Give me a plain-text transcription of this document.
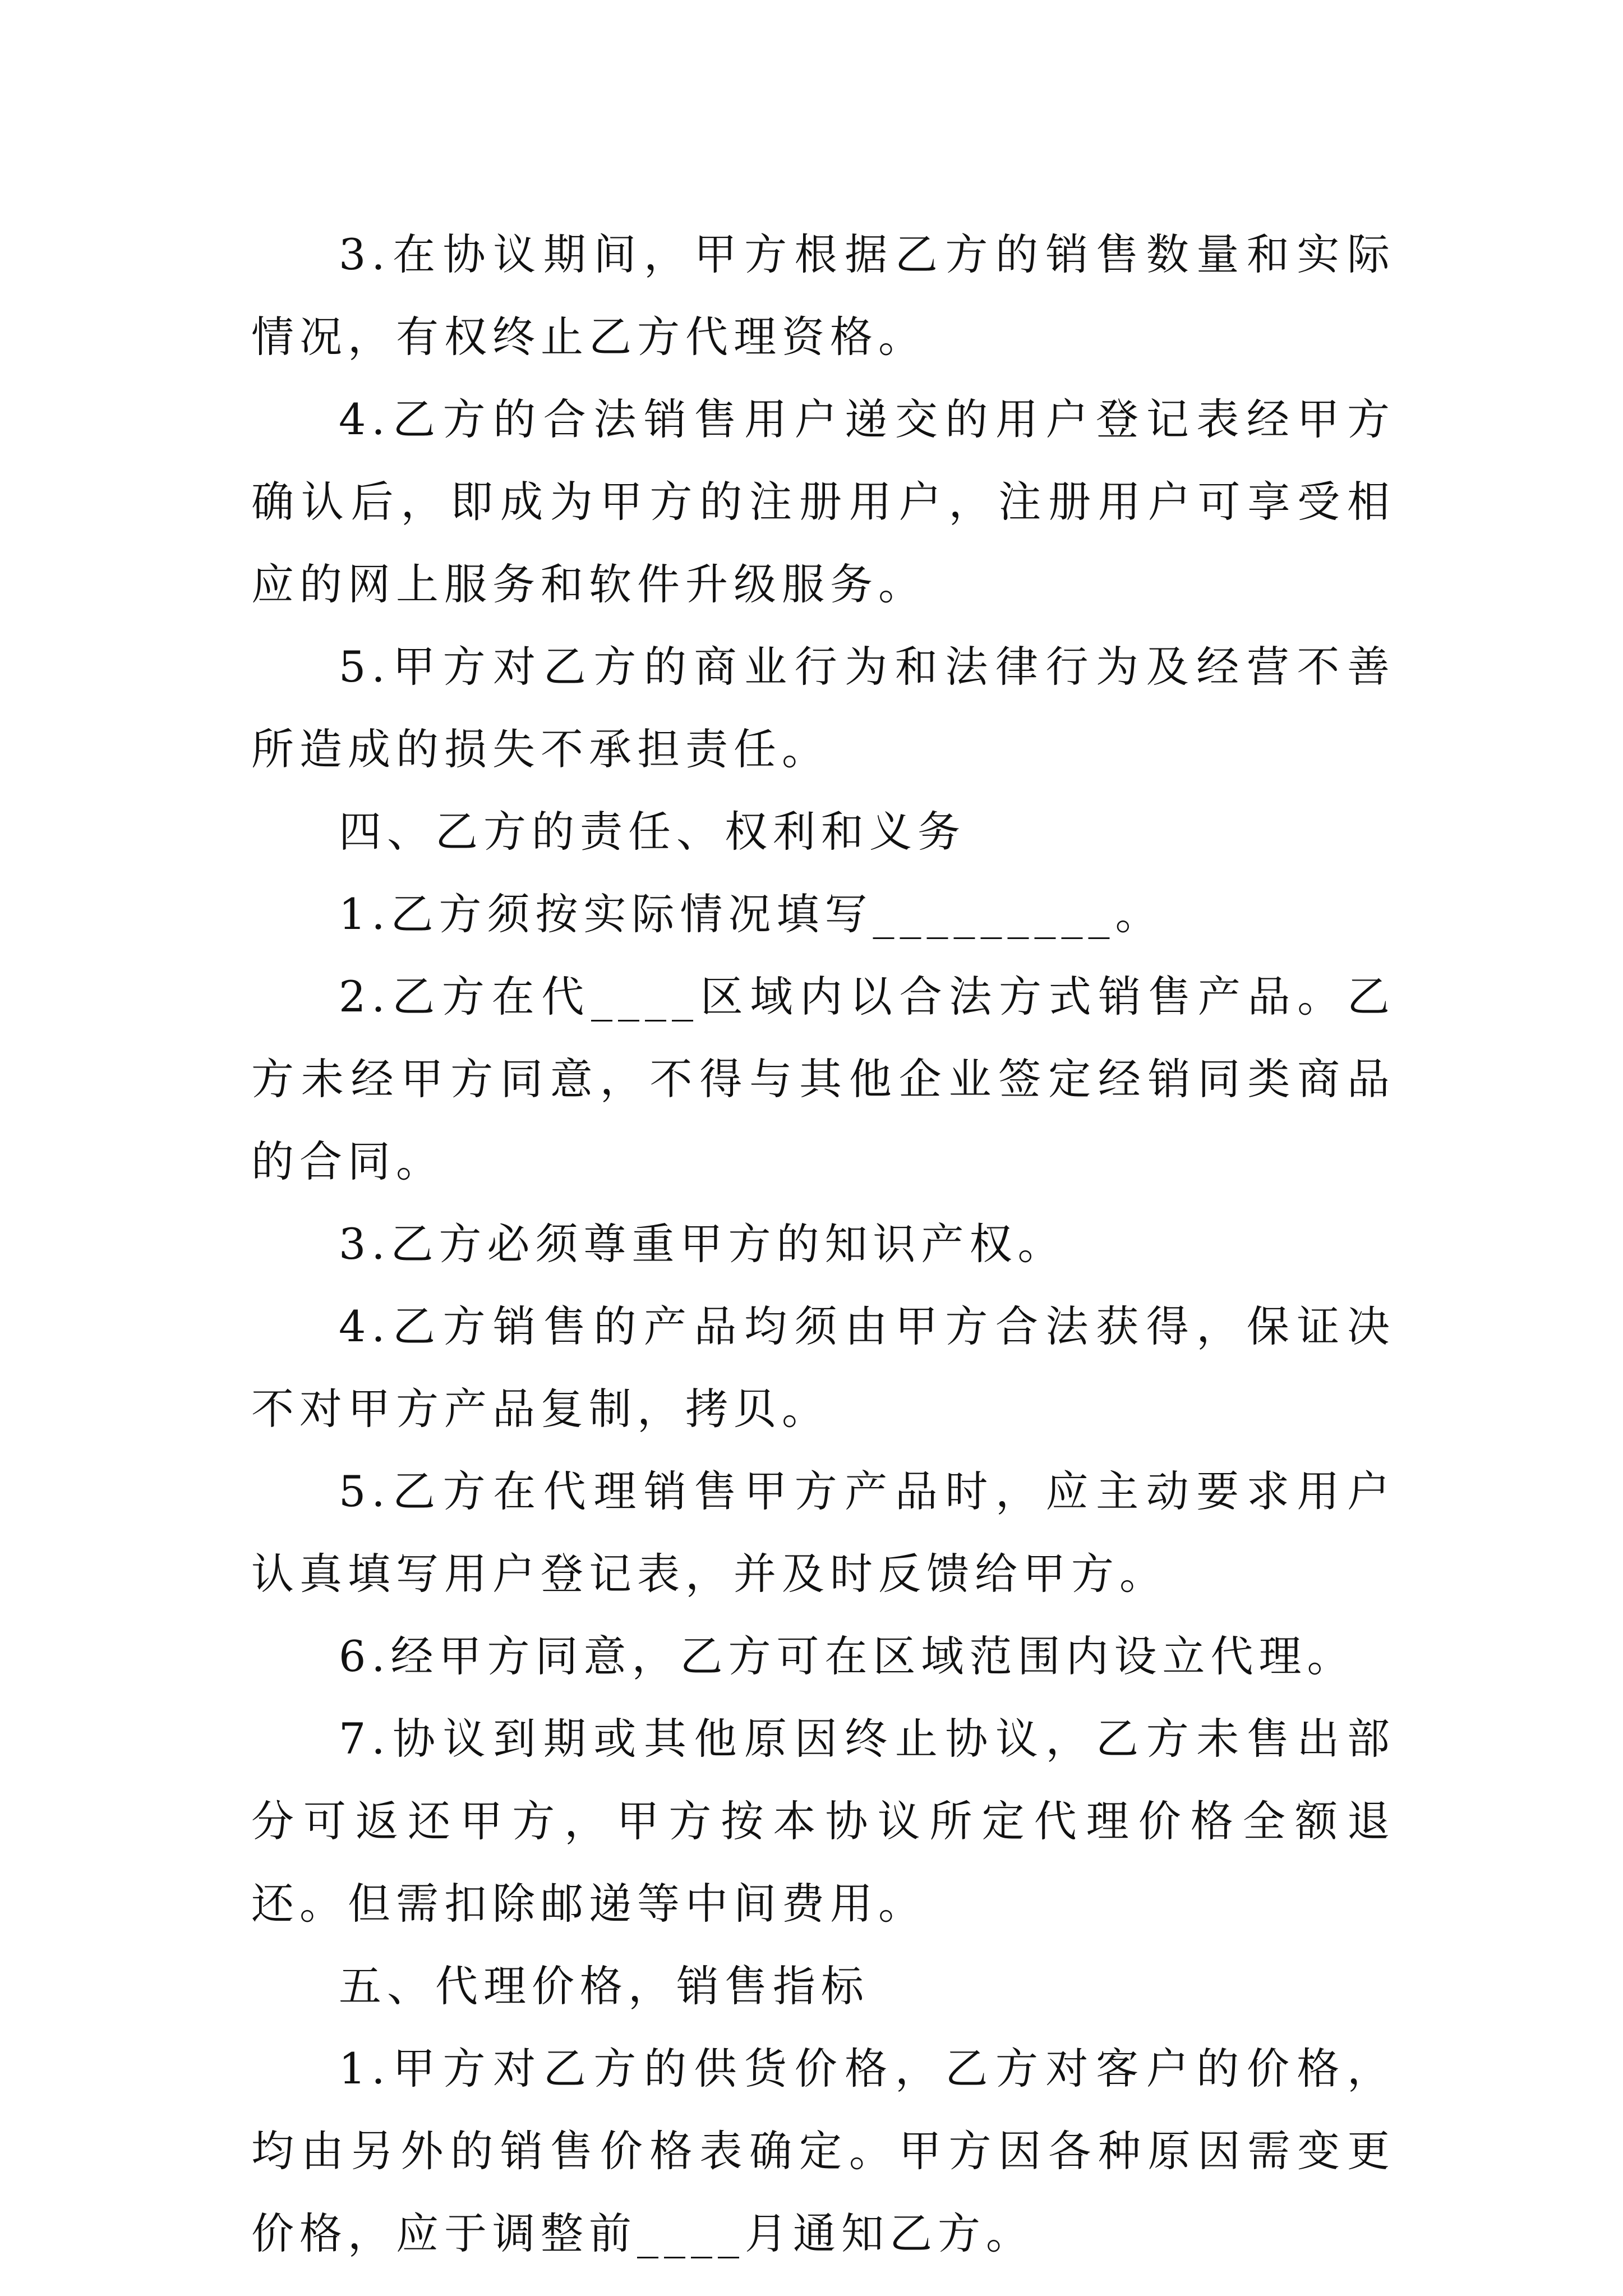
3.在协议期间，甲方根据乙方的销售数量和实际情况，有权终止乙方代理资格。

4.乙方的合法销售用户递交的用户登记表经甲方确认后，即成为甲方的注册用户，注册用户可享受相应的网上服务和软件升级服务。

5.甲方对乙方的商业行为和法律行为及经营不善所造成的损失不承担责任。

四、乙方的责任、权利和义务

1.乙方须按实际情况填写_________。

2.乙方在代____区域内以合法方式销售产品。乙方未经甲方同意，不得与其他企业签定经销同类商品的合同。

3.乙方必须尊重甲方的知识产权。

4.乙方销售的产品均须由甲方合法获得，保证决不对甲方产品复制，拷贝。

5.乙方在代理销售甲方产品时，应主动要求用户认真填写用户登记表，并及时反馈给甲方。

6.经甲方同意，乙方可在区域范围内设立代理。

7.协议到期或其他原因终止协议，乙方未售出部分可返还甲方，甲方按本协议所定代理价格全额退还。但需扣除邮递等中间费用。

五、代理价格，销售指标

1.甲方对乙方的供货价格，乙方对客户的价格，均由另外的销售价格表确定。甲方因各种原因需变更价格，应于调整前____月通知乙方。
